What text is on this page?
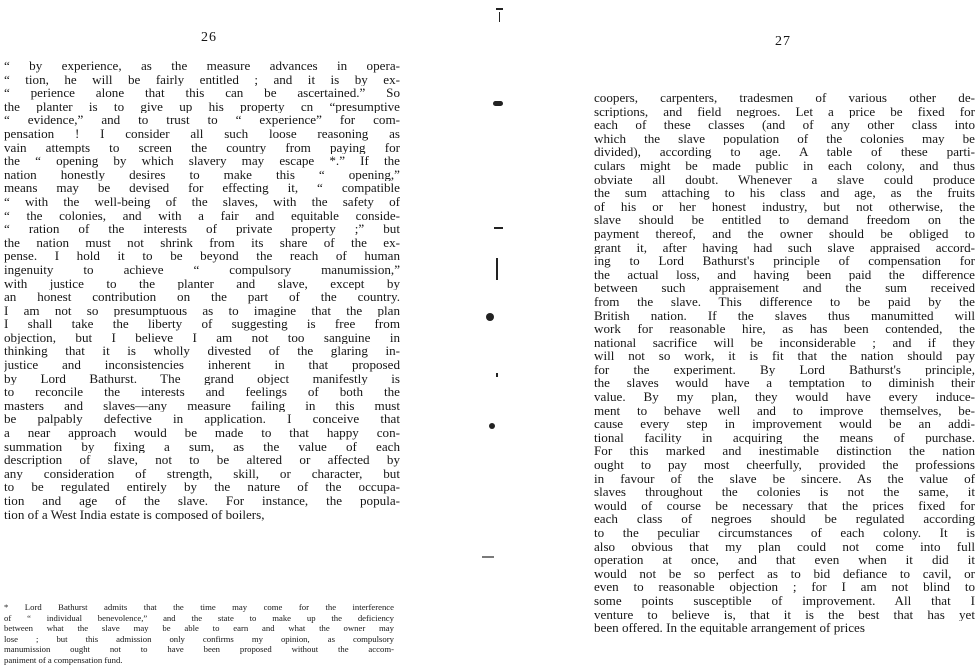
26
“ by experience, as the measure advances in opera-
“ tion, he will be fairly entitled ; and it is by ex-
“ perience alone that this can be ascertained.” So
the planter is to give up his property cn “presumptive
“ evidence,” and to trust to “ experience” for com-
pensation ! I consider all such loose reasoning as
vain attempts to screen the country from paying for
the “ opening by which slavery may escape *.” If the
nation honestly desires to make this “ opening,”
means may be devised for effecting it, “ compatible
“ with the well-being of the slaves, with the safety of
“ the colonies, and with a fair and equitable conside-
“ ration of the interests of private property ;” but
the nation must not shrink from its share of the ex-
pense. I hold it to be beyond the reach of human
ingenuity to achieve “ compulsory manumission,”
with justice to the planter and slave, except by
an honest contribution on the part of the country.
I am not so presumptuous as to imagine that the plan
I shall take the liberty of suggesting is free from
objection, but I believe I am not too sanguine in
thinking that it is wholly divested of the glaring in-
justice and inconsistencies inherent in that proposed
by Lord Bathurst. The grand object manifestly is
to reconcile the interests and feelings of both the
masters and slaves—any measure failing in this must
be palpably defective in application. I conceive that
a near approach would be made to that happy con-
summation by fixing a sum, as the value of each
description of slave, not to be altered or affected by
any consideration of strength, skill, or character, but
to be regulated entirely by the nature of the occupa-
tion and age of the slave. For instance, the popula-
tion of a West India estate is composed of boilers,
* Lord Bathurst admits that the time may come for the interference
of “ individual benevolence,” and the state to make up the deficiency
between what the slave may be able to earn and what the owner may
lose ; but this admission only confirms my opinion, as compulsory
manumission ought not to have been proposed without the accom-
paniment of a compensation fund.
27
coopers, carpenters, tradesmen of various other de-
scriptions, and field negroes. Let a price be fixed for
each of these classes (and of any other class into
which the slave population of the colonies may be
divided), according to age. A table of these parti-
culars might be made public in each colony, and thus
obviate all doubt. Whenever a slave could produce
the sum attaching to his class and age, as the fruits
of his or her honest industry, but not otherwise, the
slave should be entitled to demand freedom on the
payment thereof, and the owner should be obliged to
grant it, after having had such slave appraised accord-
ing to Lord Bathurst's principle of compensation for
the actual loss, and having been paid the difference
between such appraisement and the sum received
from the slave. This difference to be paid by the
British nation. If the slaves thus manumitted will
work for reasonable hire, as has been contended, the
national sacrifice will be inconsiderable ; and if they
will not so work, it is fit that the nation should pay
for the experiment. By Lord Bathurst's principle,
the slaves would have a temptation to diminish their
value. By my plan, they would have every induce-
ment to behave well and to improve themselves, be-
cause every step in improvement would be an addi-
tional facility in acquiring the means of purchase.
For this marked and inestimable distinction the nation
ought to pay most cheerfully, provided the professions
in favour of the slave be sincere. As the value of
slaves throughout the colonies is not the same, it
would of course be necessary that the prices fixed for
each class of negroes should be regulated according
to the peculiar circumstances of each colony. It is
also obvious that my plan could not come into full
operation at once, and that even when it did it
would not be so perfect as to bid defiance to cavil, or
even to reasonable objection ; for I am not blind to
some points susceptible of improvement. All that I
venture to believe is, that it is the best that has yet
been offered. In the equitable arrangement of prices
